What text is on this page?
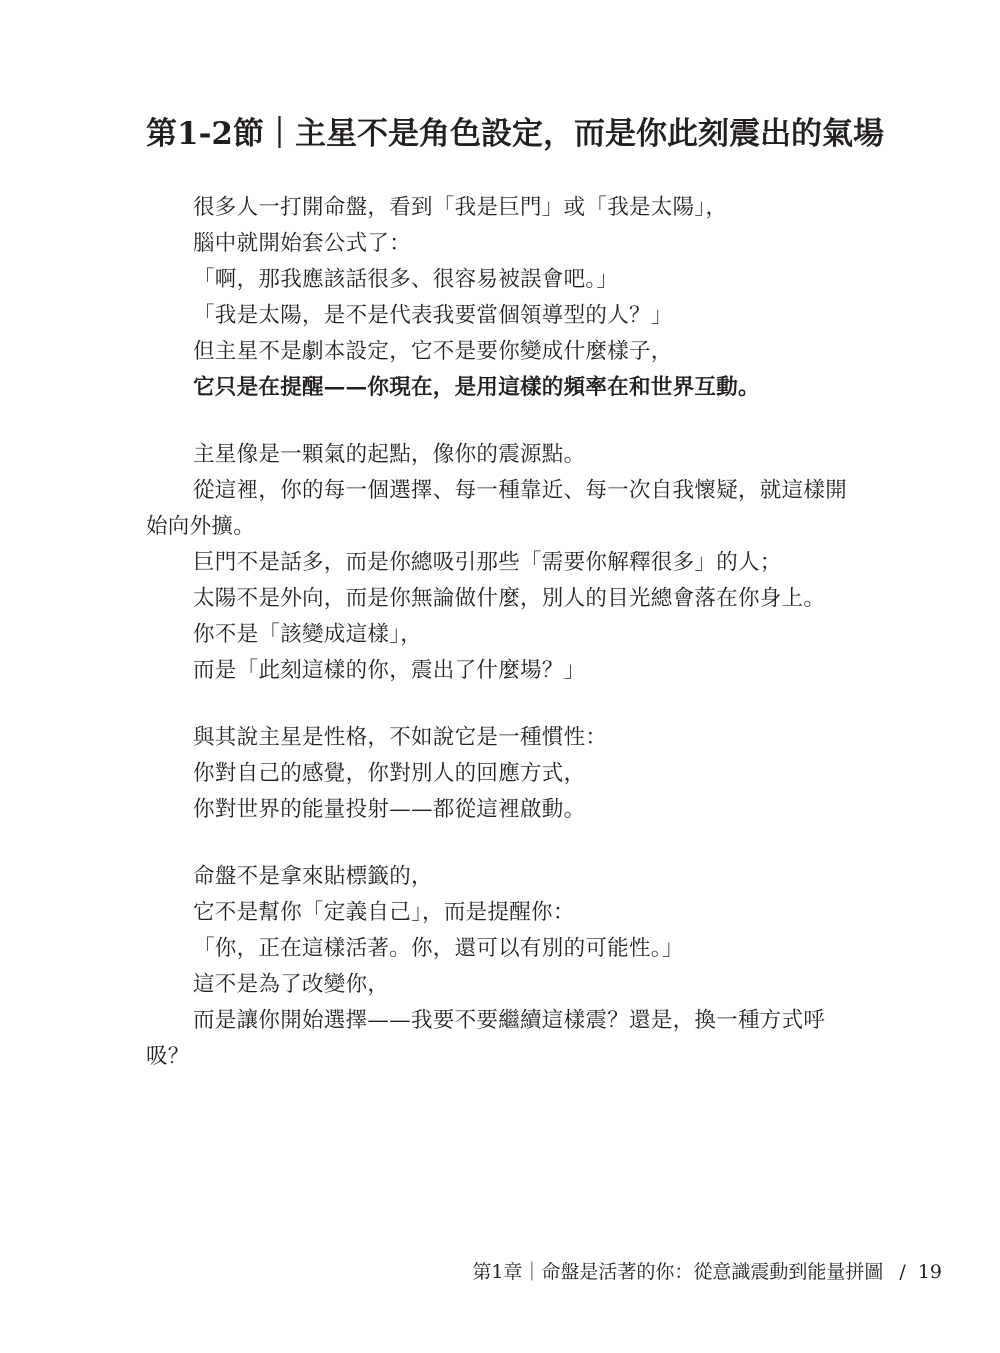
第1-2節｜主星不是角色設定，而是你此刻震出的氣場

很多人一打開命盤，看到「我是巨門」或「我是太陽」，

腦中就開始套公式了：

「啊，那我應該話很多、很容易被誤會吧。」

「我是太陽，是不是代表我要當個領導型的人？」

但主星不是劇本設定，它不是要你變成什麼樣子，

它只是在提醒——你現在，是用這樣的頻率在和世界互動。

主星像是一顆氣的起點，像你的震源點。

從這裡，你的每一個選擇、每一種靠近、每一次自我懷疑，就這樣開

始向外擴。

巨門不是話多，而是你總吸引那些「需要你解釋很多」的人；

太陽不是外向，而是你無論做什麼，別人的目光總會落在你身上。

你不是「該變成這樣」，

而是「此刻這樣的你，震出了什麼場？」

與其說主星是性格，不如說它是一種慣性：

你對自己的感覺，你對別人的回應方式，

你對世界的能量投射——都從這裡啟動。

命盤不是拿來貼標籤的，

它不是幫你「定義自己」，而是提醒你：

「你，正在這樣活著。你，還可以有別的可能性。」

這不是為了改變你，

而是讓你開始選擇——我要不要繼續這樣震？還是，換一種方式呼

吸？

第1章｜命盤是活著的你：從意識震動到能量拼圖 / 19
